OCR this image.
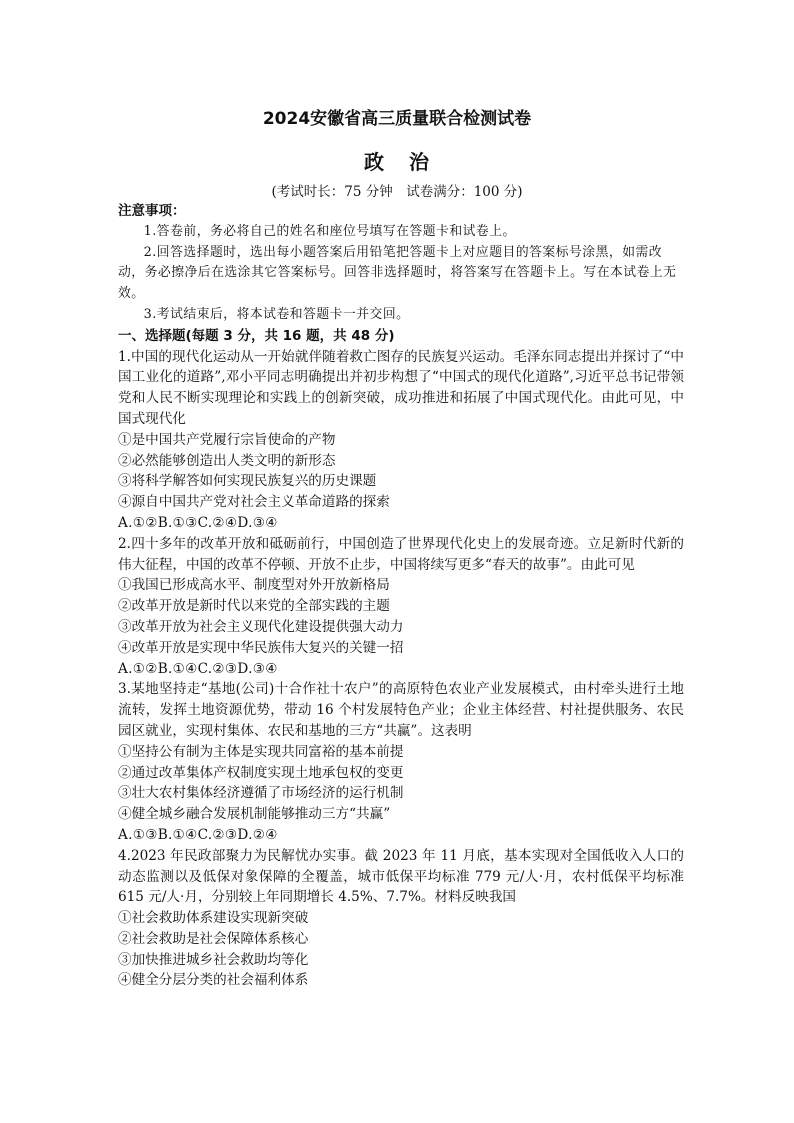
2024安徽省高三质量联合检测试卷
政 治
(考试时长：75 分钟　试卷满分：100 分)

注意事项：

1.答卷前，务必将自己的姓名和座位号填写在答题卡和试卷上。

2.回答选择题时，选出每小题答案后用铅笔把答题卡上对应题目的答案标号涂黑，如需改动，务必擦净后在选涂其它答案标号。回答非选择题时，将答案写在答题卡上。写在本试卷上无效。

3.考试结束后，将本试卷和答题卡一并交回。

一、选择题(每题 3 分，共 16 题，共 48 分)

1.中国的现代化运动从一开始就伴随着救亡图存的民族复兴运动。毛泽东同志提出并探讨了“中国工业化的道路”,邓小平同志明确提出并初步构想了“中国式的现代化道路”,习近平总书记带领党和人民不断实现理论和实践上的创新突破，成功推进和拓展了中国式现代化。由此可见，中国式现代化

①是中国共产党履行宗旨使命的产物

②必然能够创造出人类文明的新形态

③将科学解答如何实现民族复兴的历史课题

④源自中国共产党对社会主义革命道路的探索

A.①②B.①③C.②④D.③④

2.四十多年的改革开放和砥砺前行，中国创造了世界现代化史上的发展奇迹。立足新时代新的伟大征程，中国的改革不停顿、开放不止步，中国将续写更多“春天的故事”。由此可见

①我国已形成高水平、制度型对外开放新格局

②改革开放是新时代以来党的全部实践的主题

③改革开放为社会主义现代化建设提供强大动力

④改革开放是实现中华民族伟大复兴的关键一招

A.①②B.①④C.②③D.③④

3.某地坚持走“基地(公司)十合作社十农户”的高原特色农业产业发展模式，由村牵头进行土地流转，发挥土地资源优势，带动 16 个村发展特色产业；企业主体经营、村社提供服务、农民园区就业，实现村集体、农民和基地的三方“共赢”。这表明

①坚持公有制为主体是实现共同富裕的基本前提

②通过改革集体产权制度实现土地承包权的变更

③壮大农村集体经济遵循了市场经济的运行机制

④健全城乡融合发展机制能够推动三方“共赢”

A.①③B.①④C.②③D.②④

4.2023 年民政部聚力为民解忧办实事。截 2023 年 11 月底，基本实现对全国低收入人口的动态监测以及低保对象保障的全覆盖，城市低保平均标准 779 元/人·月，农村低保平均标准 615 元/人·月，分别较上年同期增长 4.5%、7.7%。材料反映我国

①社会救助体系建设实现新突破

②社会救助是社会保障体系核心

③加快推进城乡社会救助均等化

④健全分层分类的社会福利体系
